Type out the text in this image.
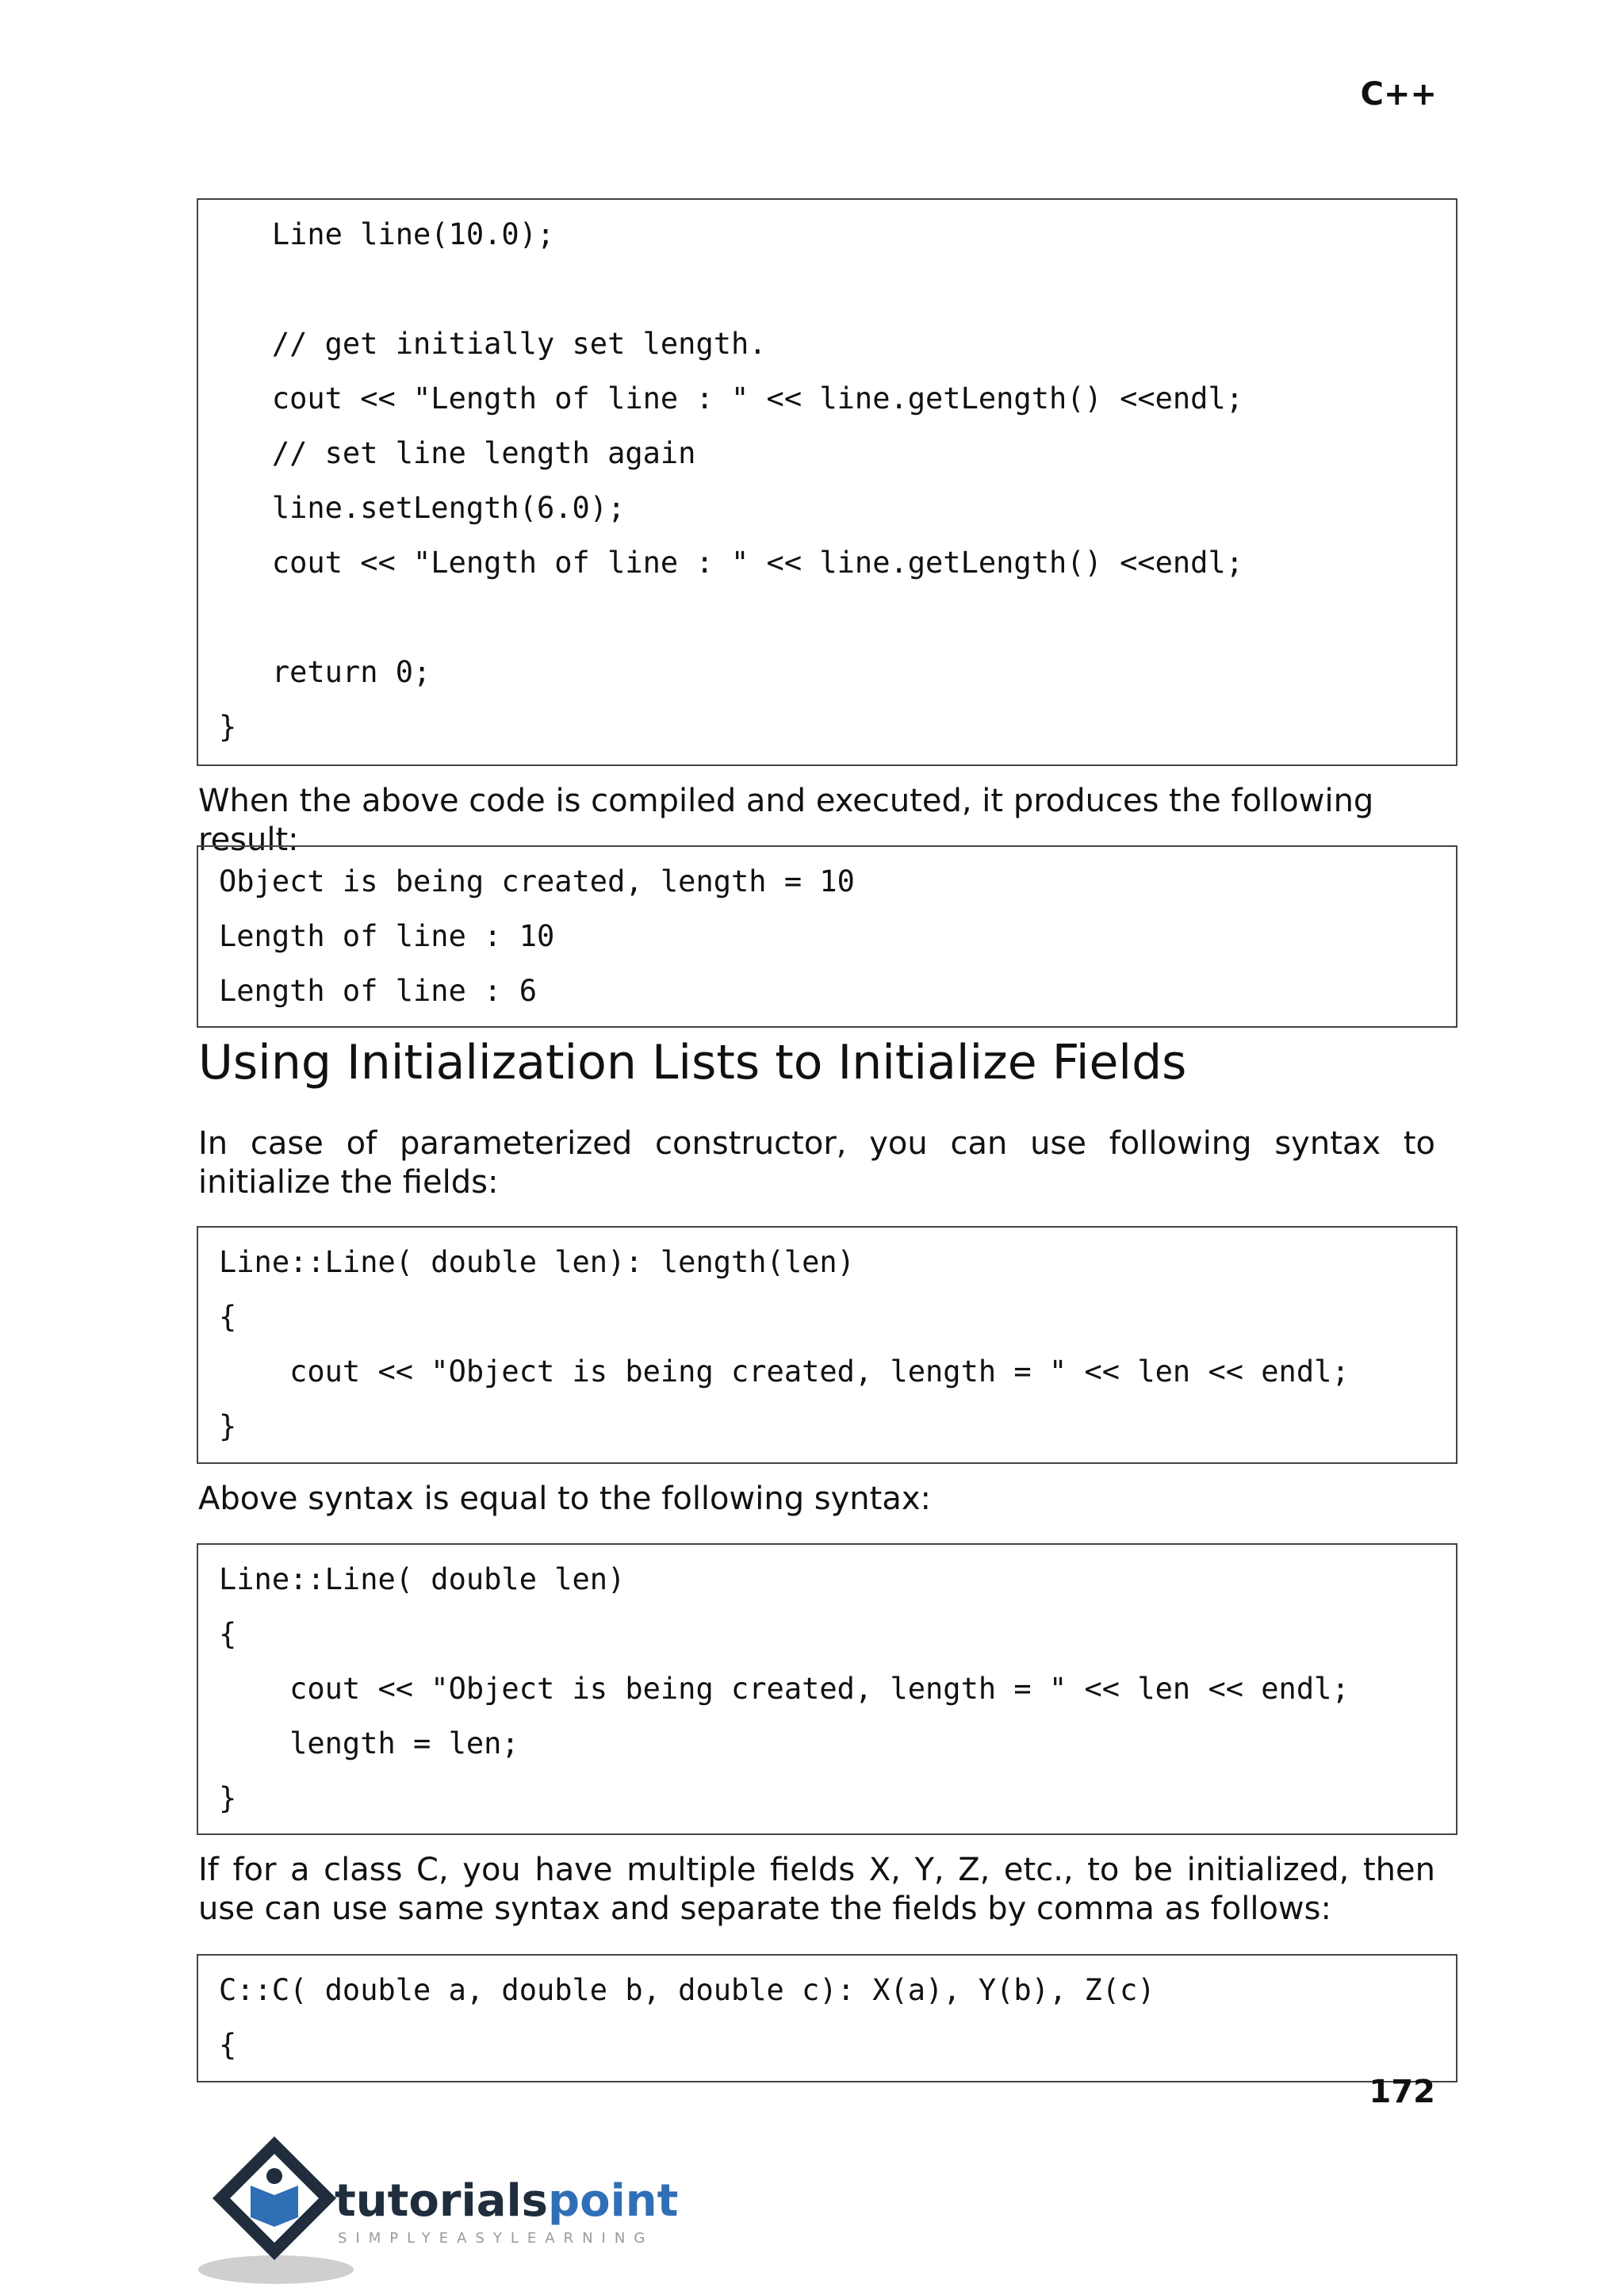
C++
Line line(10.0);
// get initially set length.
cout << "Length of line : " << line.getLength() <<endl;
// set line length again
line.setLength(6.0);
cout << "Length of line : " << line.getLength() <<endl;
return 0;
}
When the above code is compiled and executed, it produces the following result:
Object is being created, length = 10
Length of line : 10
Length of line : 6
Using Initialization Lists to Initialize Fields
In case of parameterized constructor, you can use following syntax to initialize the fields:
Line::Line( double len): length(len)
{
cout << "Object is being created, length = " << len << endl;
}
Above syntax is equal to the following syntax:
Line::Line( double len)
{
cout << "Object is being created, length = " << len << endl;
length = len;
}
If for a class C, you have multiple fields X, Y, Z, etc., to be initialized, then use can use same syntax and separate the fields by comma as follows:
C::C( double a, double b, double c): X(a), Y(b), Z(c)
{
172
tutorialspoint
SIMPLYEASYLEARNING
